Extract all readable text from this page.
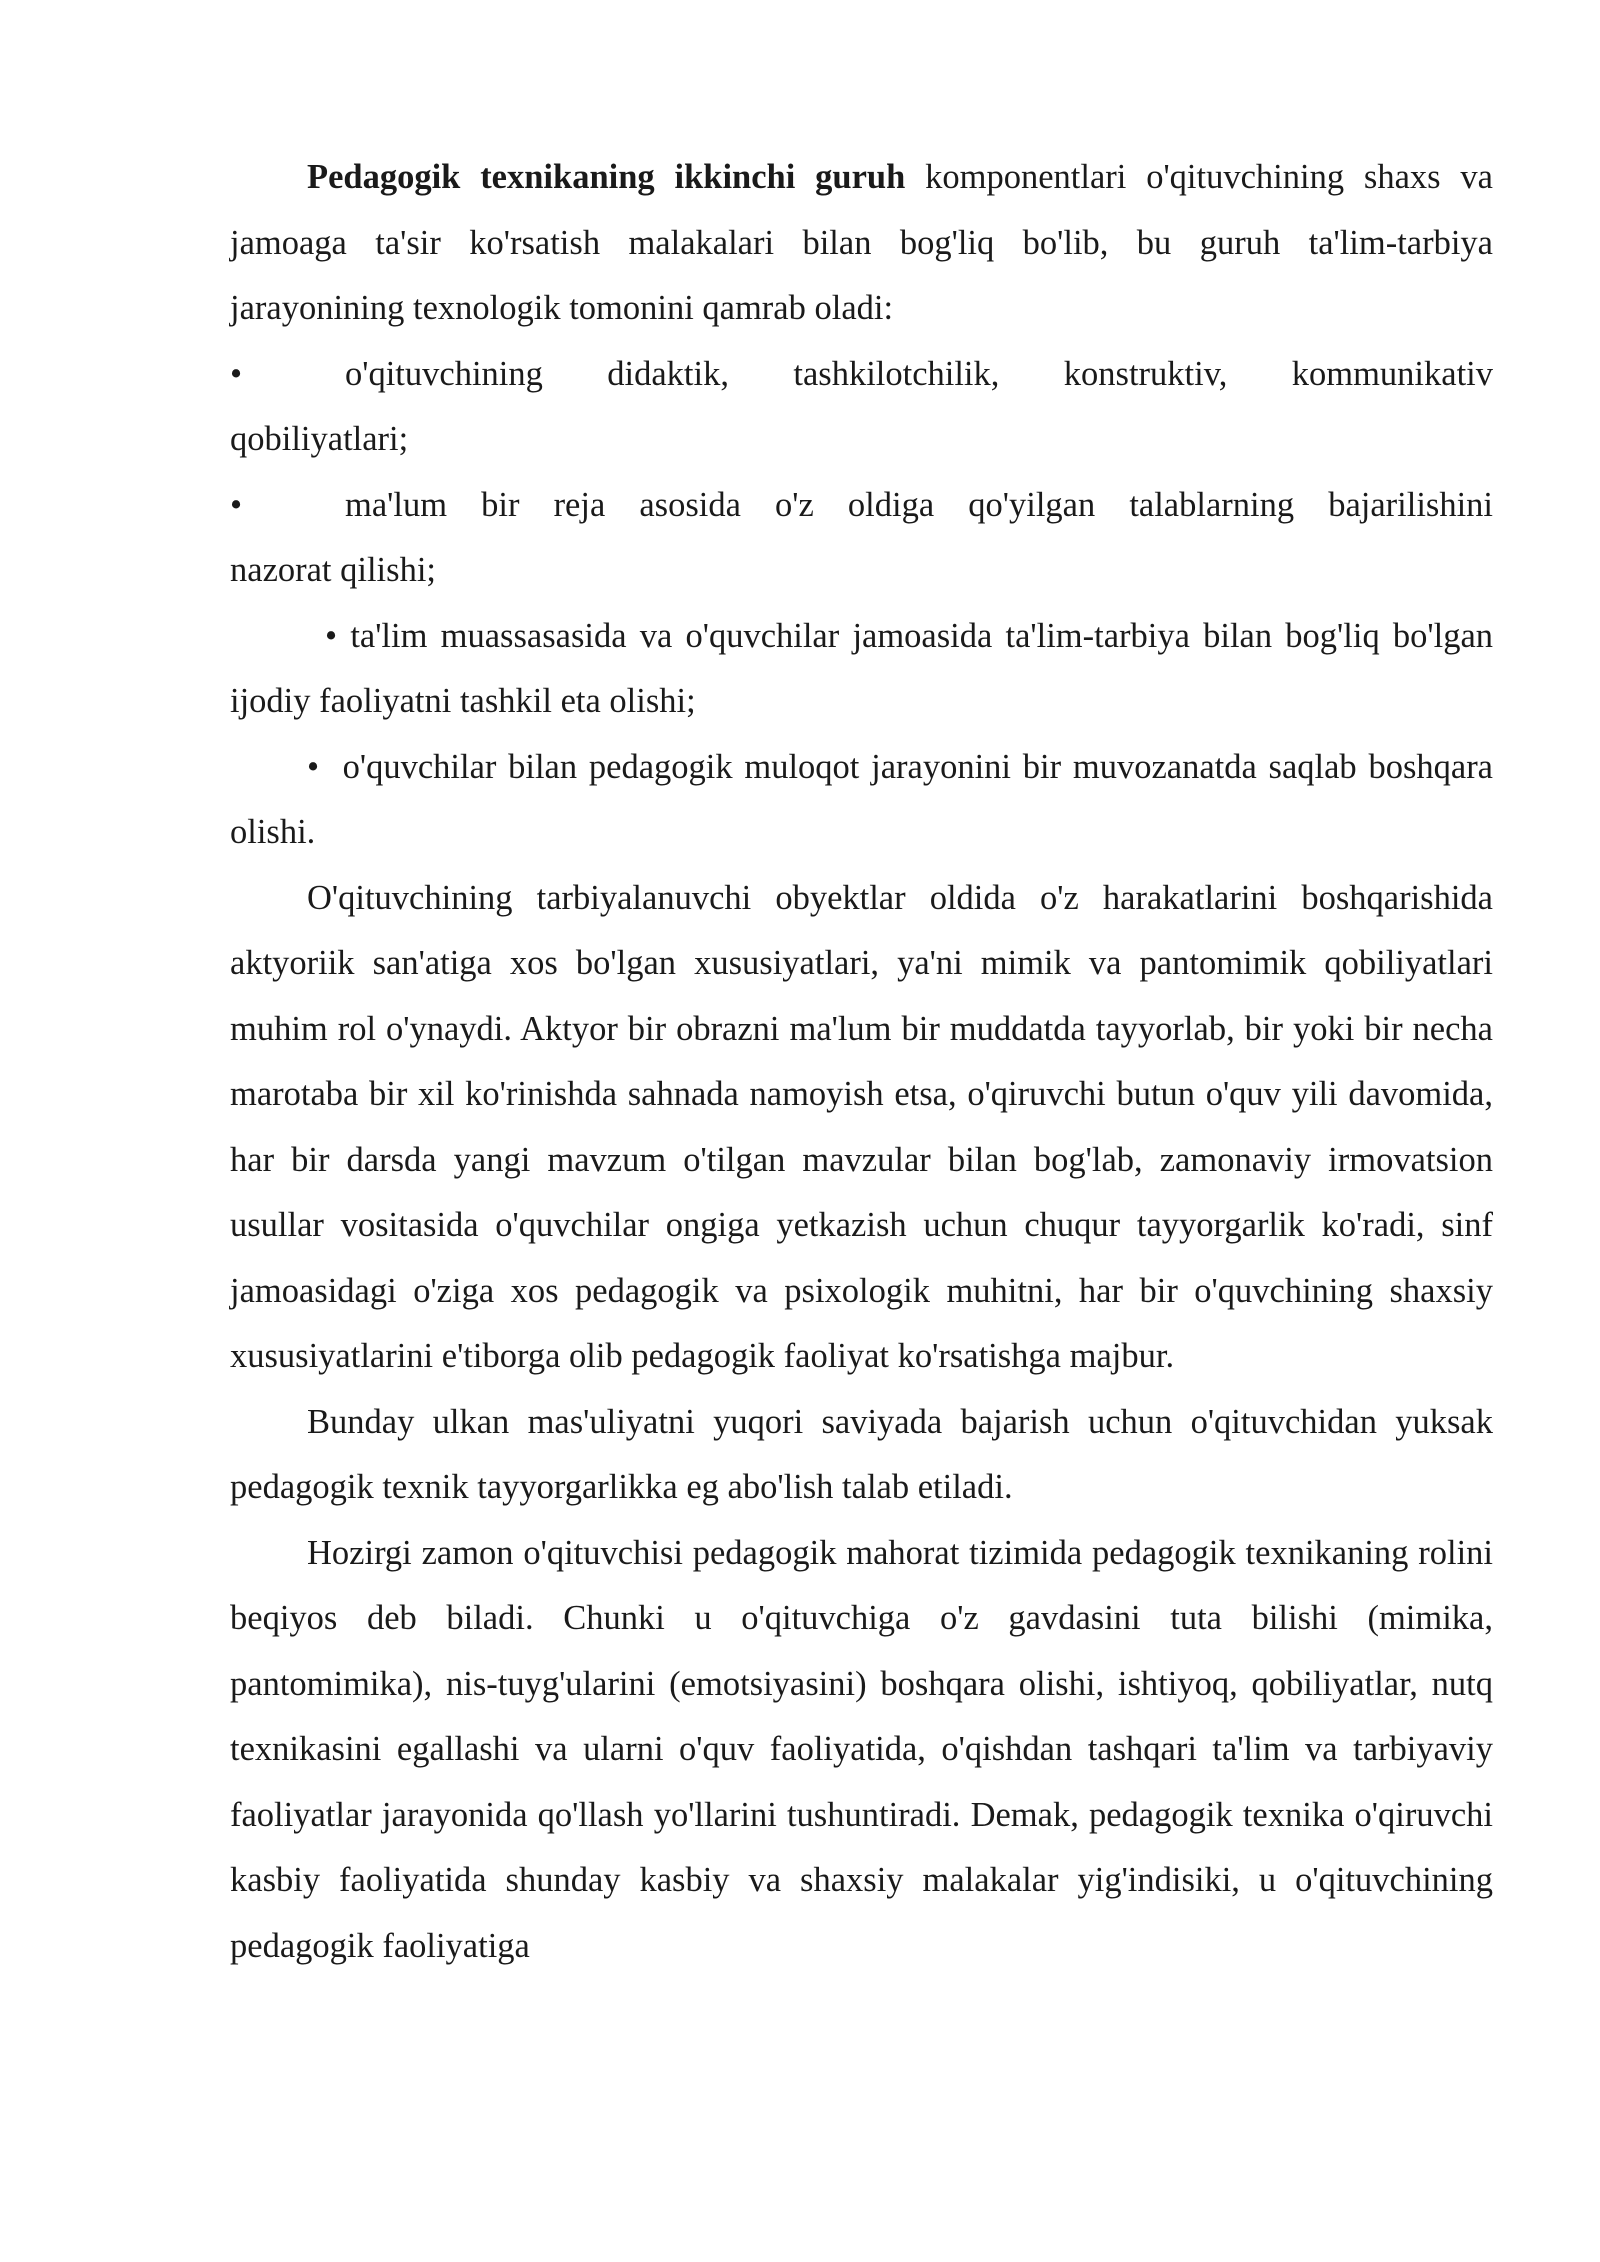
Pedagogik texnikaning ikkinchi guruh komponentlari o'qituvchining shaxs va jamoaga ta'sir ko'rsatish malakalari bilan bog'liq bo'lib, bu guruh ta'lim-tarbiya jarayonining texnologik tomonini qamrab oladi:

•	o'qituvchining didaktik, tashkilotchilik, konstruktiv, kommunikativ
qobiliyatlari;
•	ma'lum bir reja asosida o'z oldiga qo'yilgan talablarning bajarilishini
nazorat qilishi;

• ta'lim muassasasida va o'quvchilar jamoasida ta'lim-tarbiya bilan bog'liq bo'lgan ijodiy faoliyatni tashkil eta olishi;

• o'quvchilar bilan pedagogik muloqot jarayonini bir muvozanatda saqlab boshqara olishi.

O'qituvchining tarbiyalanuvchi obyektlar oldida o'z harakatlarini boshqarishida aktyoriik san'atiga xos bo'lgan xususiyatlari, ya'ni mimik va pantomimik qobiliyatlari muhim rol o'ynaydi. Aktyor bir obrazni ma'lum bir muddatda tayyorlab, bir yoki bir necha marotaba bir xil ko'rinishda sahnada namoyish etsa, o'qiruvchi butun o'quv yili davomida, har bir darsda yangi mavzum o'tilgan mavzular bilan bog'lab, zamonaviy irmovatsion usullar vositasida o'quvchilar ongiga yetkazish uchun chuqur tayyorgarlik ko'radi, sinf jamoasidagi o'ziga xos pedagogik va psixologik muhitni, har bir o'quvchining shaxsiy xususiyatlarini e'tiborga olib pedagogik faoliyat ko'rsatishga majbur.

Bunday ulkan mas'uliyatni yuqori saviyada bajarish uchun o'qituvchidan yuksak pedagogik texnik tayyorgarlikka eg abo'lish talab etiladi.

Hozirgi zamon o'qituvchisi pedagogik mahorat tizimida pedagogik texnikaning rolini beqiyos deb biladi. Chunki u o'qituvchiga o'z gavdasini tuta bilishi (mimika, pantomimika), nis-tuyg'ularini (emotsiyasini) boshqara olishi, ishtiyoq, qobiliyatlar, nutq texnikasini egallashi va ularni o'quv faoliyatida, o'qishdan tashqari ta'lim va tarbiyaviy faoliyatlar jarayonida qo'llash yo'llarini tushuntiradi. Demak, pedagogik texnika o'qiruvchi kasbiy faoliyatida shunday kasbiy va shaxsiy malakalar yig'indisiki, u o'qituvchining pedagogik faoliyatiga
